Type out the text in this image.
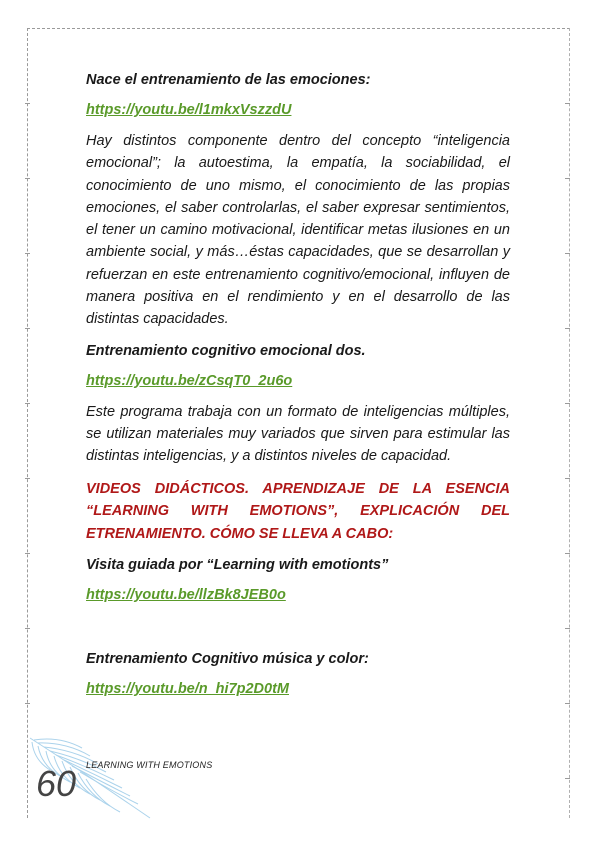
Nace el entrenamiento de las emociones:

https://youtu.be/l1mkxVszzdU

Hay distintos componente dentro del concepto “inteligencia emocional”; la autoestima, la empatía, la sociabilidad, el conocimiento de uno mismo, el conocimiento de las propias emociones, el saber controlarlas, el saber expresar sentimientos, el tener un camino motivacional, identificar metas ilusiones en un ambiente social, y más…éstas capacidades, que se desarrollan y refuerzan en este entrenamiento cognitivo/emocional, influyen de manera positiva en el rendimiento y en el desarrollo de las distintas capacidades.

Entrenamiento cognitivo emocional dos.

https://youtu.be/zCsqT0_2u6o

Este programa trabaja con un formato de inteligencias múltiples, se utilizan materiales muy variados que sirven para estimular las distintas inteligencias, y a distintos niveles de capacidad.

VIDEOS DIDÁCTICOS. APRENDIZAJE DE LA ESENCIA “LEARNING WITH EMOTIONS”, EXPLICACIÓN DEL ETRENAMIENTO. CÓMO SE LLEVA A CABO:

Visita guiada por “Learning with emotionts”

https://youtu.be/llzBk8JEB0o

Entrenamiento Cognitivo música y color:

https://youtu.be/n_hi7p2D0tM
60 LEARNING WITH EMOTIONS
